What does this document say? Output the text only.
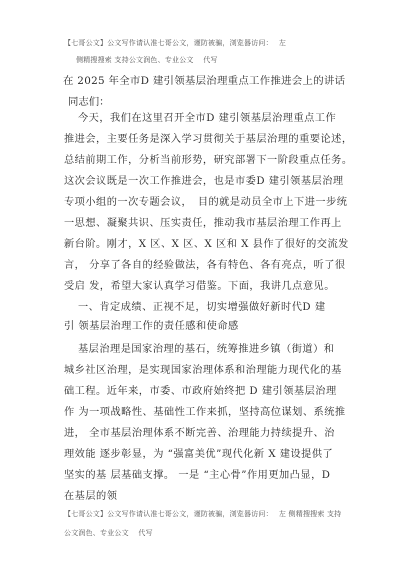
【七哥公文】公文写作请认准七哥公文，谨防被骗，浏览器访问：　 左
侧精搜搜索 支持公文润色、专业公文　 代写
在 2025 年全市D 建引领基层治理重点工作推进会上的讲话
同志们：
今天，我们在这里召开全市D 建引领基层治理重点工作
推进会，主要任务是深入学习贯彻关于基层治理的重要论述，
总结前期工作，分析当前形势，研究部署下一阶段重点任务。
这次会议既是一次工作推进会，也是市委D 建引领基层治理
专项小组的一次专题会议，　目的就是动员全市上下进一步统
一思想、凝聚共识、压实责任，推动我市基层治理工作再上
新台阶。刚才，X 区、X 区、X 区和 X 县作了很好的交流发
言， 分享了各自的经验做法，各有特色、各有亮点，听了很
受启 发，希望大家认真学习借鉴。下面，我讲几点意见。
一、肯定成绩、正视不足，切实增强做好新时代D 建
引 领基层治理工作的责任感和使命感
基层治理是国家治理的基石，统筹推进乡镇（街道）和
城乡社区治理，是实现国家治理体系和治理能力现代化的基
础工程。近年来，市委、市政府始终把 D 建引领基层治理
作 为一项战略性、基础性工作来抓，坚持高位谋划、系统推
进， 全市基层治理体系不断完善、治理能力持续提升、治
理效能 逐步彰显，为 “强富美优”现代化新 X 建设提供了
坚实的基 层基础支撑。 一是 “主心骨”作用更加凸显，D
在基层的领
【七哥公文】公文写作请认准七哥公文，谨防被骗，浏览器访问：　 左 侧精搜搜索 支持
公文润色、专业公文　 代写
